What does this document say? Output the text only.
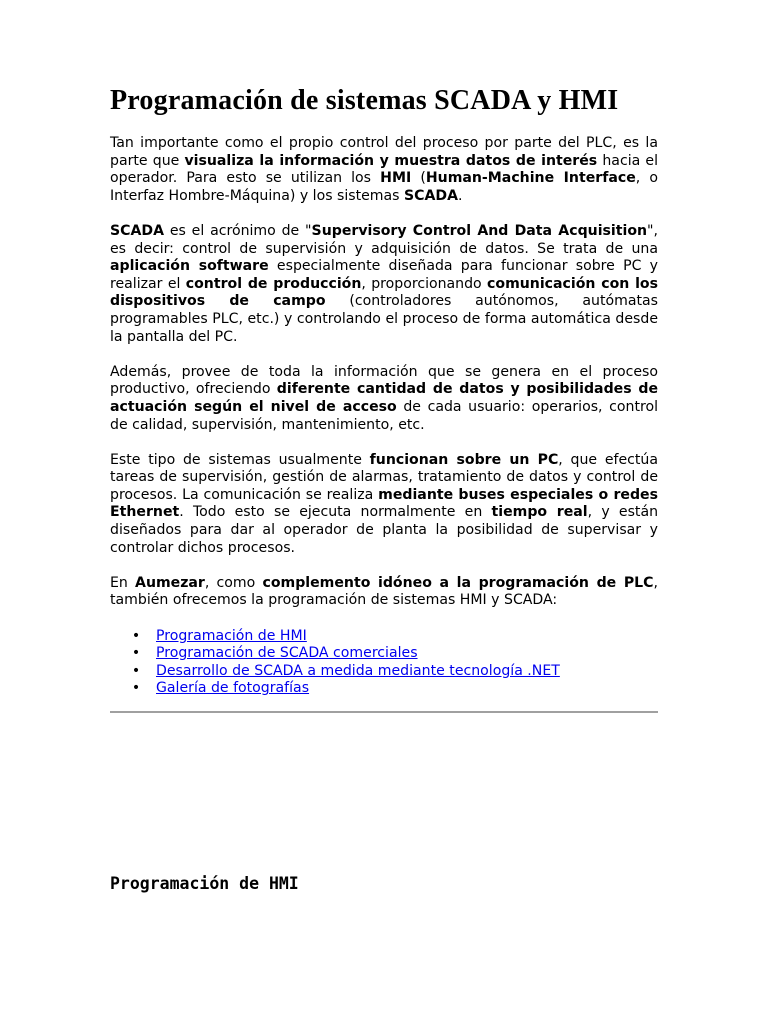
Programación de sistemas SCADA y HMI

Tan importante como el propio control del proceso por parte del PLC, es la parte que visualiza la información y muestra datos de interés hacia el operador. Para esto se utilizan los HMI (Human-Machine Interface, o Interfaz Hombre-Máquina) y los sistemas SCADA.

SCADA es el acrónimo de "Supervisory Control And Data Acquisition", es decir: control de supervisión y adquisición de datos. Se trata de una aplicación software especialmente diseñada para funcionar sobre PC y realizar el control de producción, proporcionando comunicación con los dispositivos de campo (controladores autónomos, autómatas programables PLC, etc.) y controlando el proceso de forma automática desde la pantalla del PC.

Además, provee de toda la información que se genera en el proceso productivo, ofreciendo diferente cantidad de datos y posibilidades de actuación según el nivel de acceso de cada usuario: operarios, control de calidad, supervisión, mantenimiento, etc.

Este tipo de sistemas usualmente funcionan sobre un PC, que efectúa tareas de supervisión, gestión de alarmas, tratamiento de datos y control de procesos. La comunicación se realiza mediante buses especiales o redes Ethernet. Todo esto se ejecuta normalmente en tiempo real, y están diseñados para dar al operador de planta la posibilidad de supervisar y controlar dichos procesos.

En Aumezar, como complemento idóneo a la programación de PLC, también ofrecemos la programación de sistemas HMI y SCADA:

• Programación de HMI
• Programación de SCADA comerciales
• Desarrollo de SCADA a medida mediante tecnología .NET
• Galería de fotografías
Programación de HMI
